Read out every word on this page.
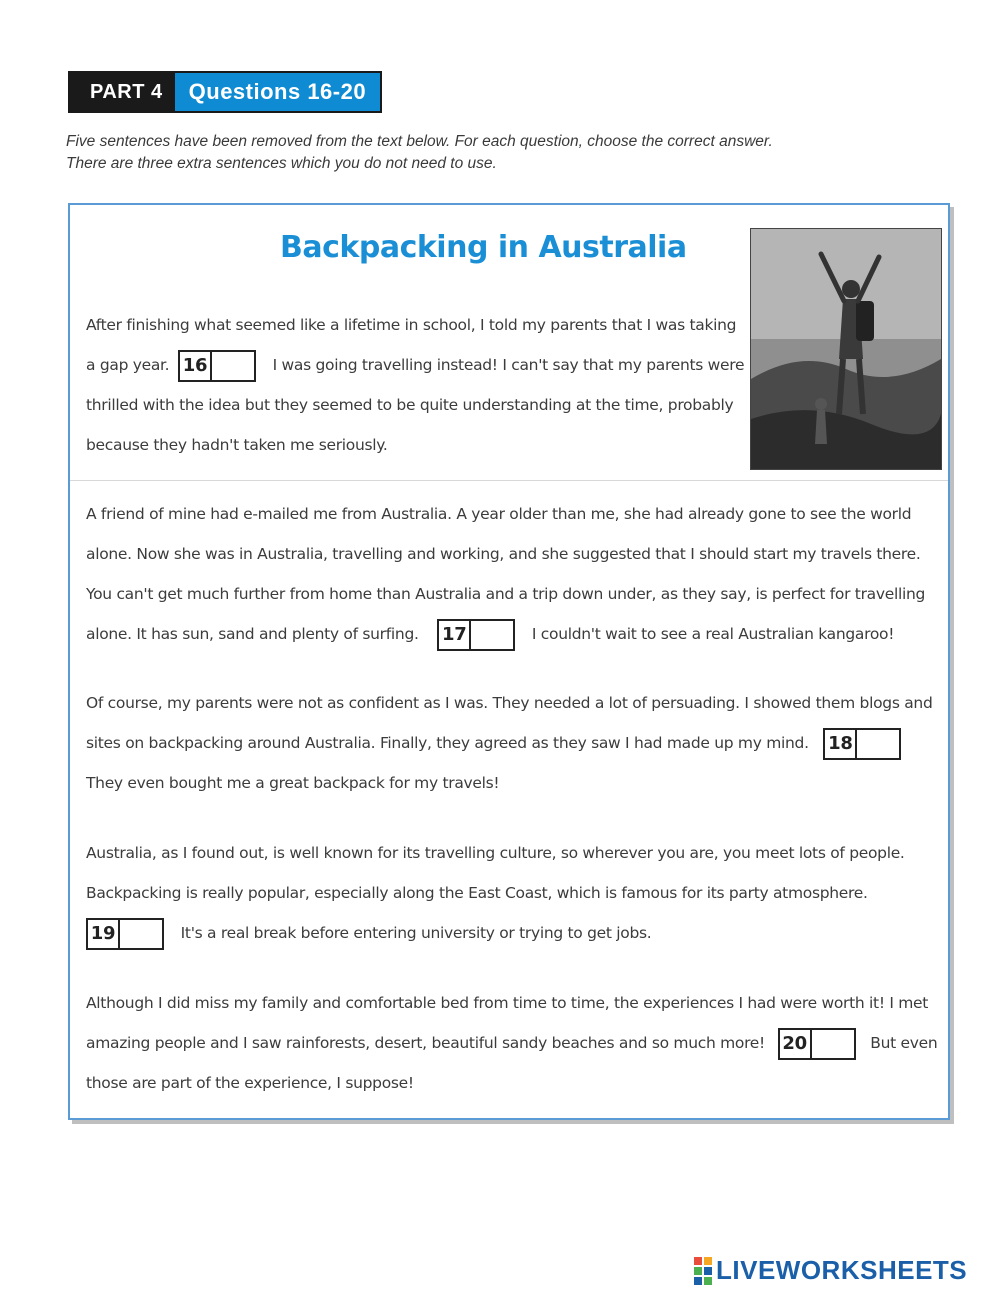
PART 4	Questions 16-20
Five sentences have been removed from the text below. For each question, choose the correct answer.
There are three extra sentences which you do not need to use.
Backpacking in Australia
After finishing what seemed like a lifetime in school, I told my parents that I was taking
a gap year. 16	I was going travelling instead! I can't say that my parents were
thrilled with the idea but they seemed to be quite understanding at the time, probably
because they hadn't taken me seriously.
A friend of mine had e-mailed me from Australia. A year older than me, she had already gone to see the world
alone. Now she was in Australia, travelling and working, and she suggested that I should start my travels there.
You can't get much further from home than Australia and a trip down under, as they say, is perfect for travelling
alone. It has sun, sand and plenty of surfing. 17	I couldn't wait to see a real Australian kangaroo!
Of course, my parents were not as confident as I was. They needed a lot of persuading. I showed them blogs and
sites on backpacking around Australia. Finally, they agreed as they saw I had made up my mind. 18
They even bought me a great backpack for my travels!
Australia, as I found out, is well known for its travelling culture, so wherever you are, you meet lots of people.
Backpacking is really popular, especially along the East Coast, which is famous for its party atmosphere.
19	It's a real break before entering university or trying to get jobs.
Although I did miss my family and comfortable bed from time to time, the experiences I had were worth it! I met
amazing people and I saw rainforests, desert, beautiful sandy beaches and so much more! 20	But even
those are part of the experience, I suppose!
LIVEWORKSHEETS
